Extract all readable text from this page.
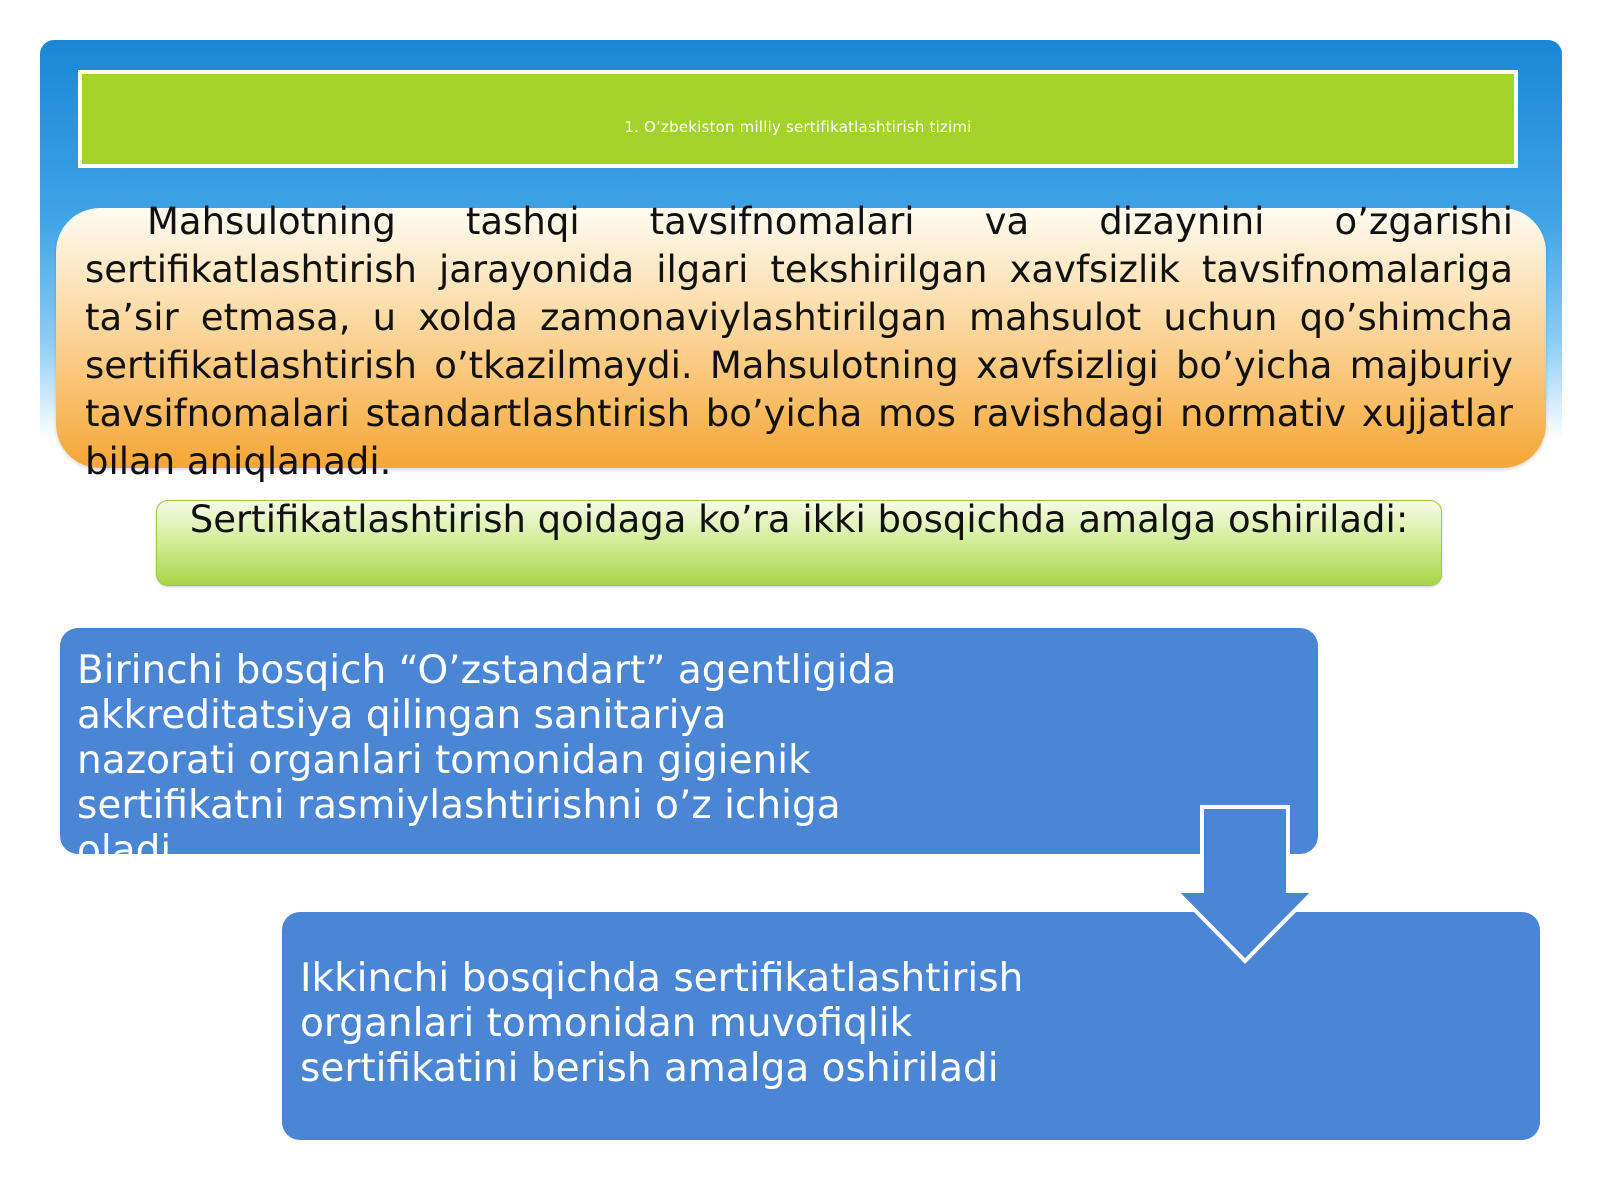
1. O’zbekiston milliy sertifikatlashtirish tizimi

Mahsulotning tashqi tavsifnomalari va dizaynini o’zgarishi sertifikatlashtirish jarayonida ilgari tekshirilgan xavfsizlik tavsifnomalariga ta’sir etmasa, u xolda zamonaviylashtirilgan mahsulot uchun qo’shimcha sertifikatlashtirish o’tkazilmaydi. Mahsulotning xavfsizligi bo’yicha majburiy tavsifnomalari standartlashtirish bo’yicha mos ravishdagi normativ xujjatlar bilan aniqlanadi.

Sertifikatlashtirish qoidaga ko’ra ikki bosqichda amalga oshiriladi:

Birinchi bosqich “O’zstandart” agentligida akkreditatsiya qilingan sanitariya nazorati organlari tomonidan gigienik sertifikatni rasmiylashtirishni o’z ichiga oladi

Ikkinchi bosqichda sertifikatlashtirish organlari tomonidan muvofiqlik sertifikatini berish amalga oshiriladi
